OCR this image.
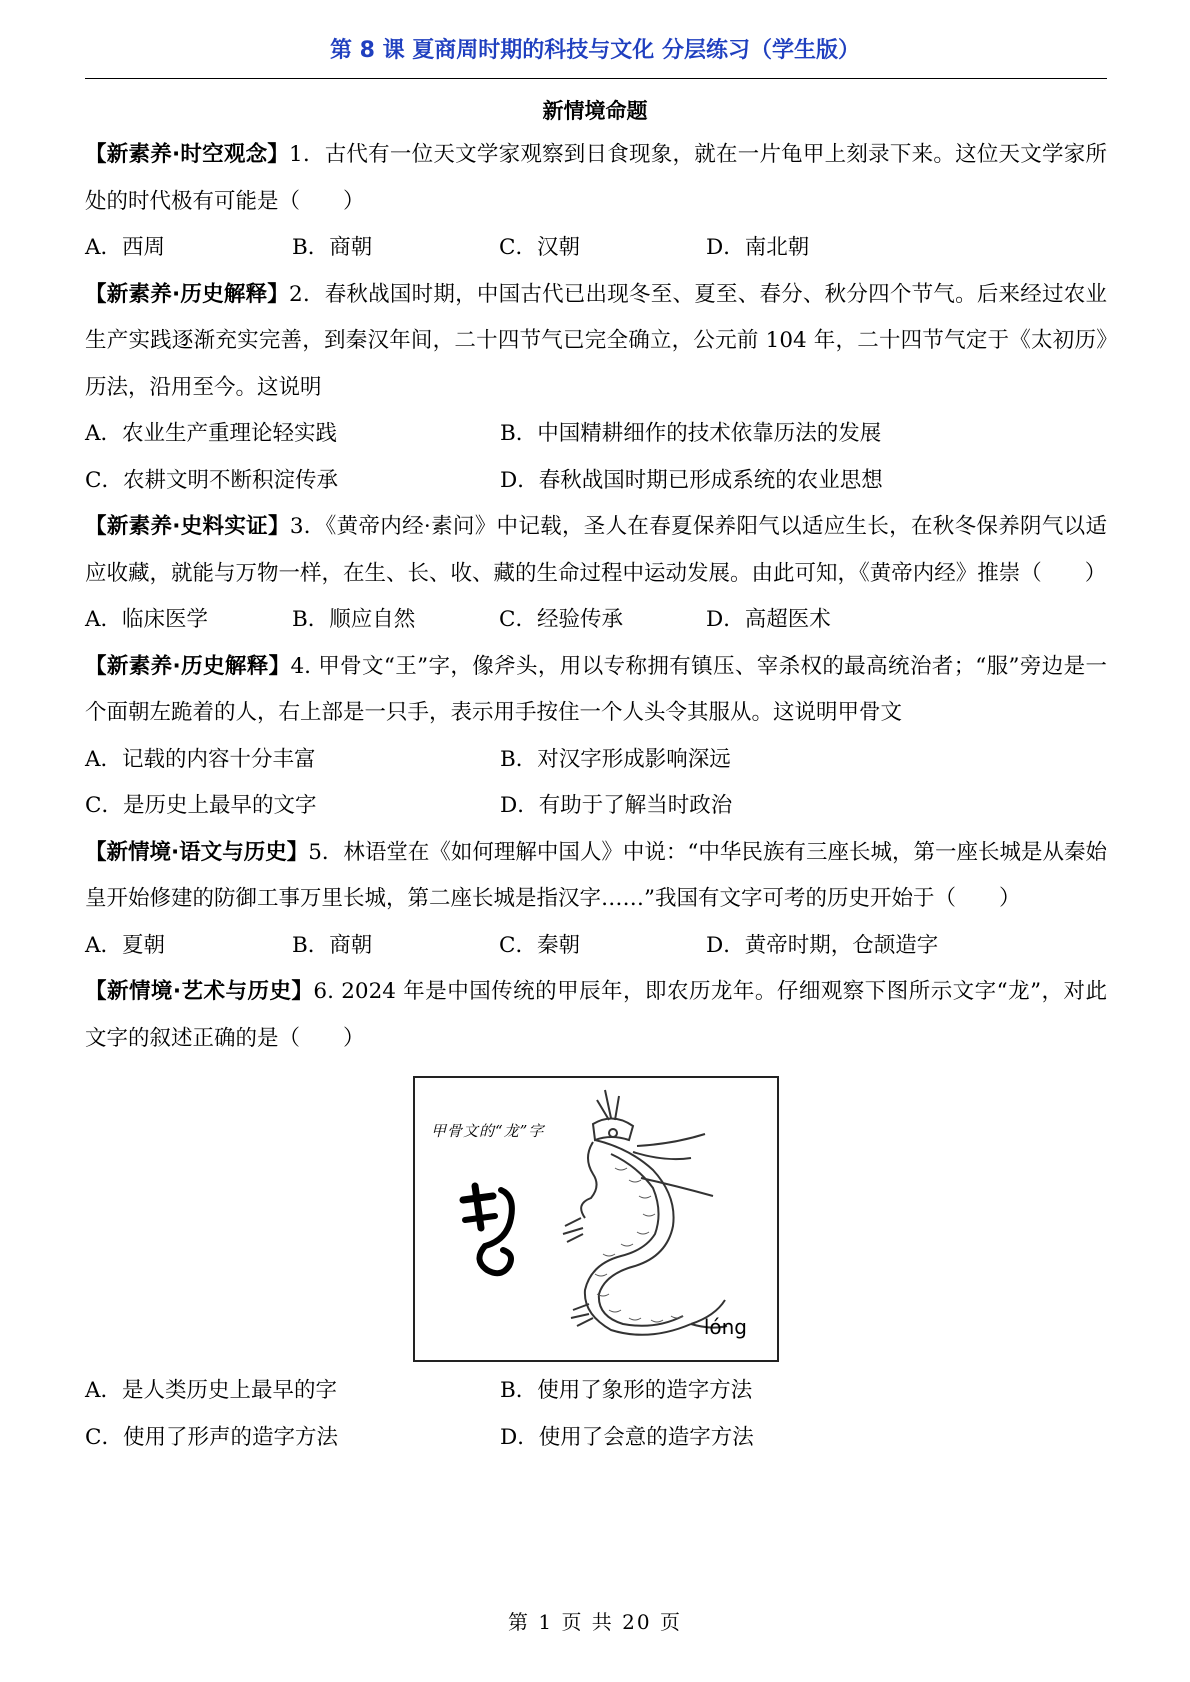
第 8 课 夏商周时期的科技与文化 分层练习（学生版）
新情境命题

【新素养·时空观念】1．古代有一位天文学家观察到日食现象，就在一片龟甲上刻录下来。这位天文学家所处的时代极有可能是（　　）

A．西周	B．商朝	C．汉朝	D．南北朝

【新素养·历史解释】2．春秋战国时期，中国古代已出现冬至、夏至、春分、秋分四个节气。后来经过农业生产实践逐渐充实完善，到秦汉年间，二十四节气已完全确立，公元前 104 年，二十四节气定于《太初历》历法，沿用至今。这说明

A．农业生产重理论轻实践	B．中国精耕细作的技术依靠历法的发展
C．农耕文明不断积淀传承	D．春秋战国时期已形成系统的农业思想

【新素养·史料实证】3．《黄帝内经·素问》中记载，圣人在春夏保养阳气以适应生长，在秋冬保养阴气以适应收藏，就能与万物一样，在生、长、收、藏的生命过程中运动发展。由此可知，《黄帝内经》推崇（　　）

A．临床医学	B．顺应自然	C．经验传承	D．高超医术

【新素养·历史解释】4. 甲骨文“王”字，像斧头，用以专称拥有镇压、宰杀权的最高统治者；“服”旁边是一个面朝左跪着的人，右上部是一只手，表示用手按住一个人头令其服从。这说明甲骨文

A．记载的内容十分丰富	B．对汉字形成影响深远
C．是历史上最早的文字	D．有助于了解当时政治

【新情境·语文与历史】5．林语堂在《如何理解中国人》中说：“中华民族有三座长城，第一座长城是从秦始皇开始修建的防御工事万里长城，第二座长城是指汉字……”我国有文字可考的历史开始于（　　）

A．夏朝	B．商朝	C．秦朝	D．黄帝时期，仓颉造字

【新情境·艺术与历史】6. 2024 年是中国传统的甲辰年，即农历龙年。仔细观察下图所示文字“龙”，对此文字的叙述正确的是（　　）

甲骨文的“龙”字
lóng
A．是人类历史上最早的字	B．使用了象形的造字方法
C．使用了形声的造字方法	D．使用了会意的造字方法
第 1 页 共 20 页
